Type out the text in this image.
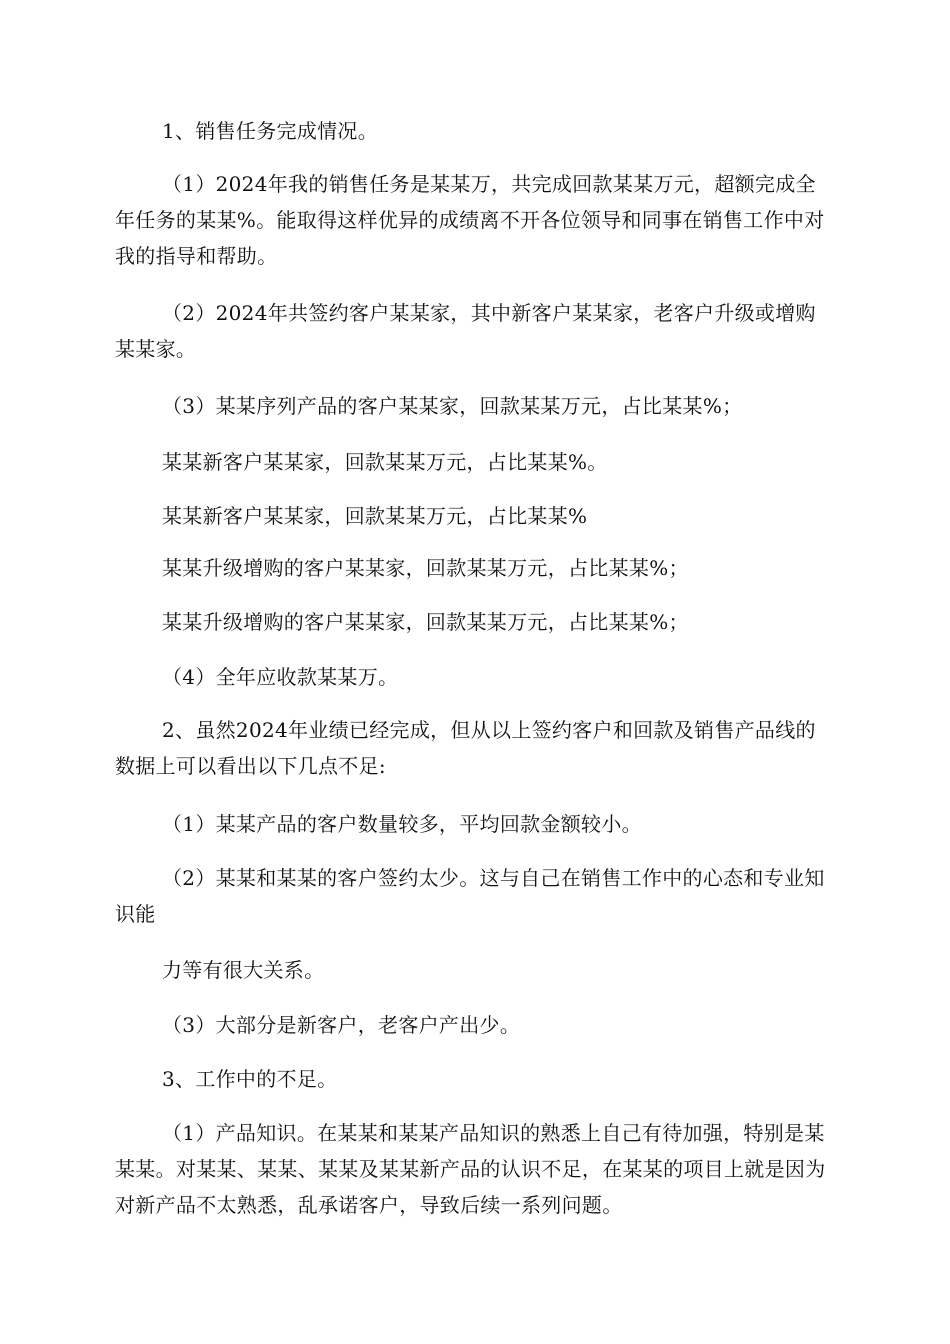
1、销售任务完成情况。

（1）2024年我的销售任务是某某万，共完成回款某某万元，超额完成全年任务的某某%。能取得这样优异的成绩离不开各位领导和同事在销售工作中对我的指导和帮助。

（2）2024年共签约客户某某家，其中新客户某某家，老客户升级或增购某某家。

（3）某某序列产品的客户某某家，回款某某万元，占比某某%；

某某新客户某某家，回款某某万元，占比某某%。

某某新客户某某家，回款某某万元，占比某某%

某某升级增购的客户某某家，回款某某万元，占比某某%；

某某升级增购的客户某某家，回款某某万元，占比某某%；

（4）全年应收款某某万。

2、虽然2024年业绩已经完成，但从以上签约客户和回款及销售产品线的数据上可以看出以下几点不足:

（1）某某产品的客户数量较多，平均回款金额较小。

（2）某某和某某的客户签约太少。这与自己在销售工作中的心态和专业知识能

力等有很大关系。

（3）大部分是新客户，老客户产出少。

3、工作中的不足。

（1）产品知识。在某某和某某产品知识的熟悉上自己有待加强，特别是某某某。对某某、某某、某某及某某新产品的认识不足，在某某的项目上就是因为对新产品不太熟悉，乱承诺客户，导致后续一系列问题。
